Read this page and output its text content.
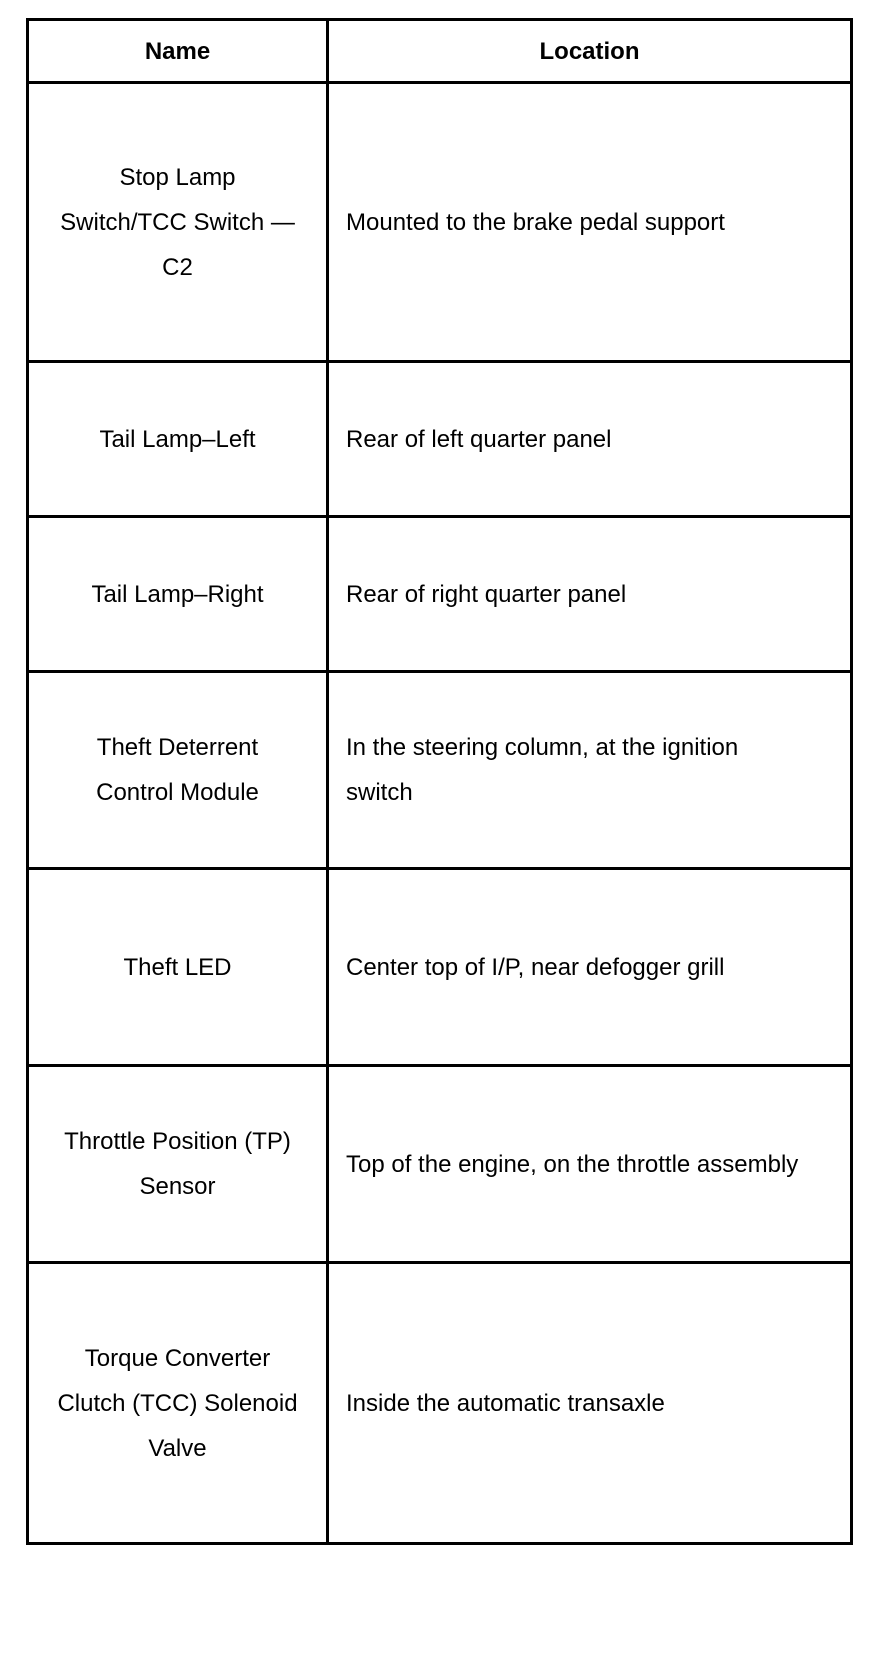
Name	Location
Stop Lamp Switch/TCC Switch — C2	Mounted to the brake pedal support
Tail Lamp–Left	Rear of left quarter panel
Tail Lamp–Right	Rear of right quarter panel
Theft Deterrent Control Module	In the steering column, at the ignition switch
Theft LED	Center top of I/P, near defogger grill
Throttle Position (TP) Sensor	Top of the engine, on the throttle assembly
Torque Converter Clutch (TCC) Solenoid Valve	Inside the automatic transaxle
